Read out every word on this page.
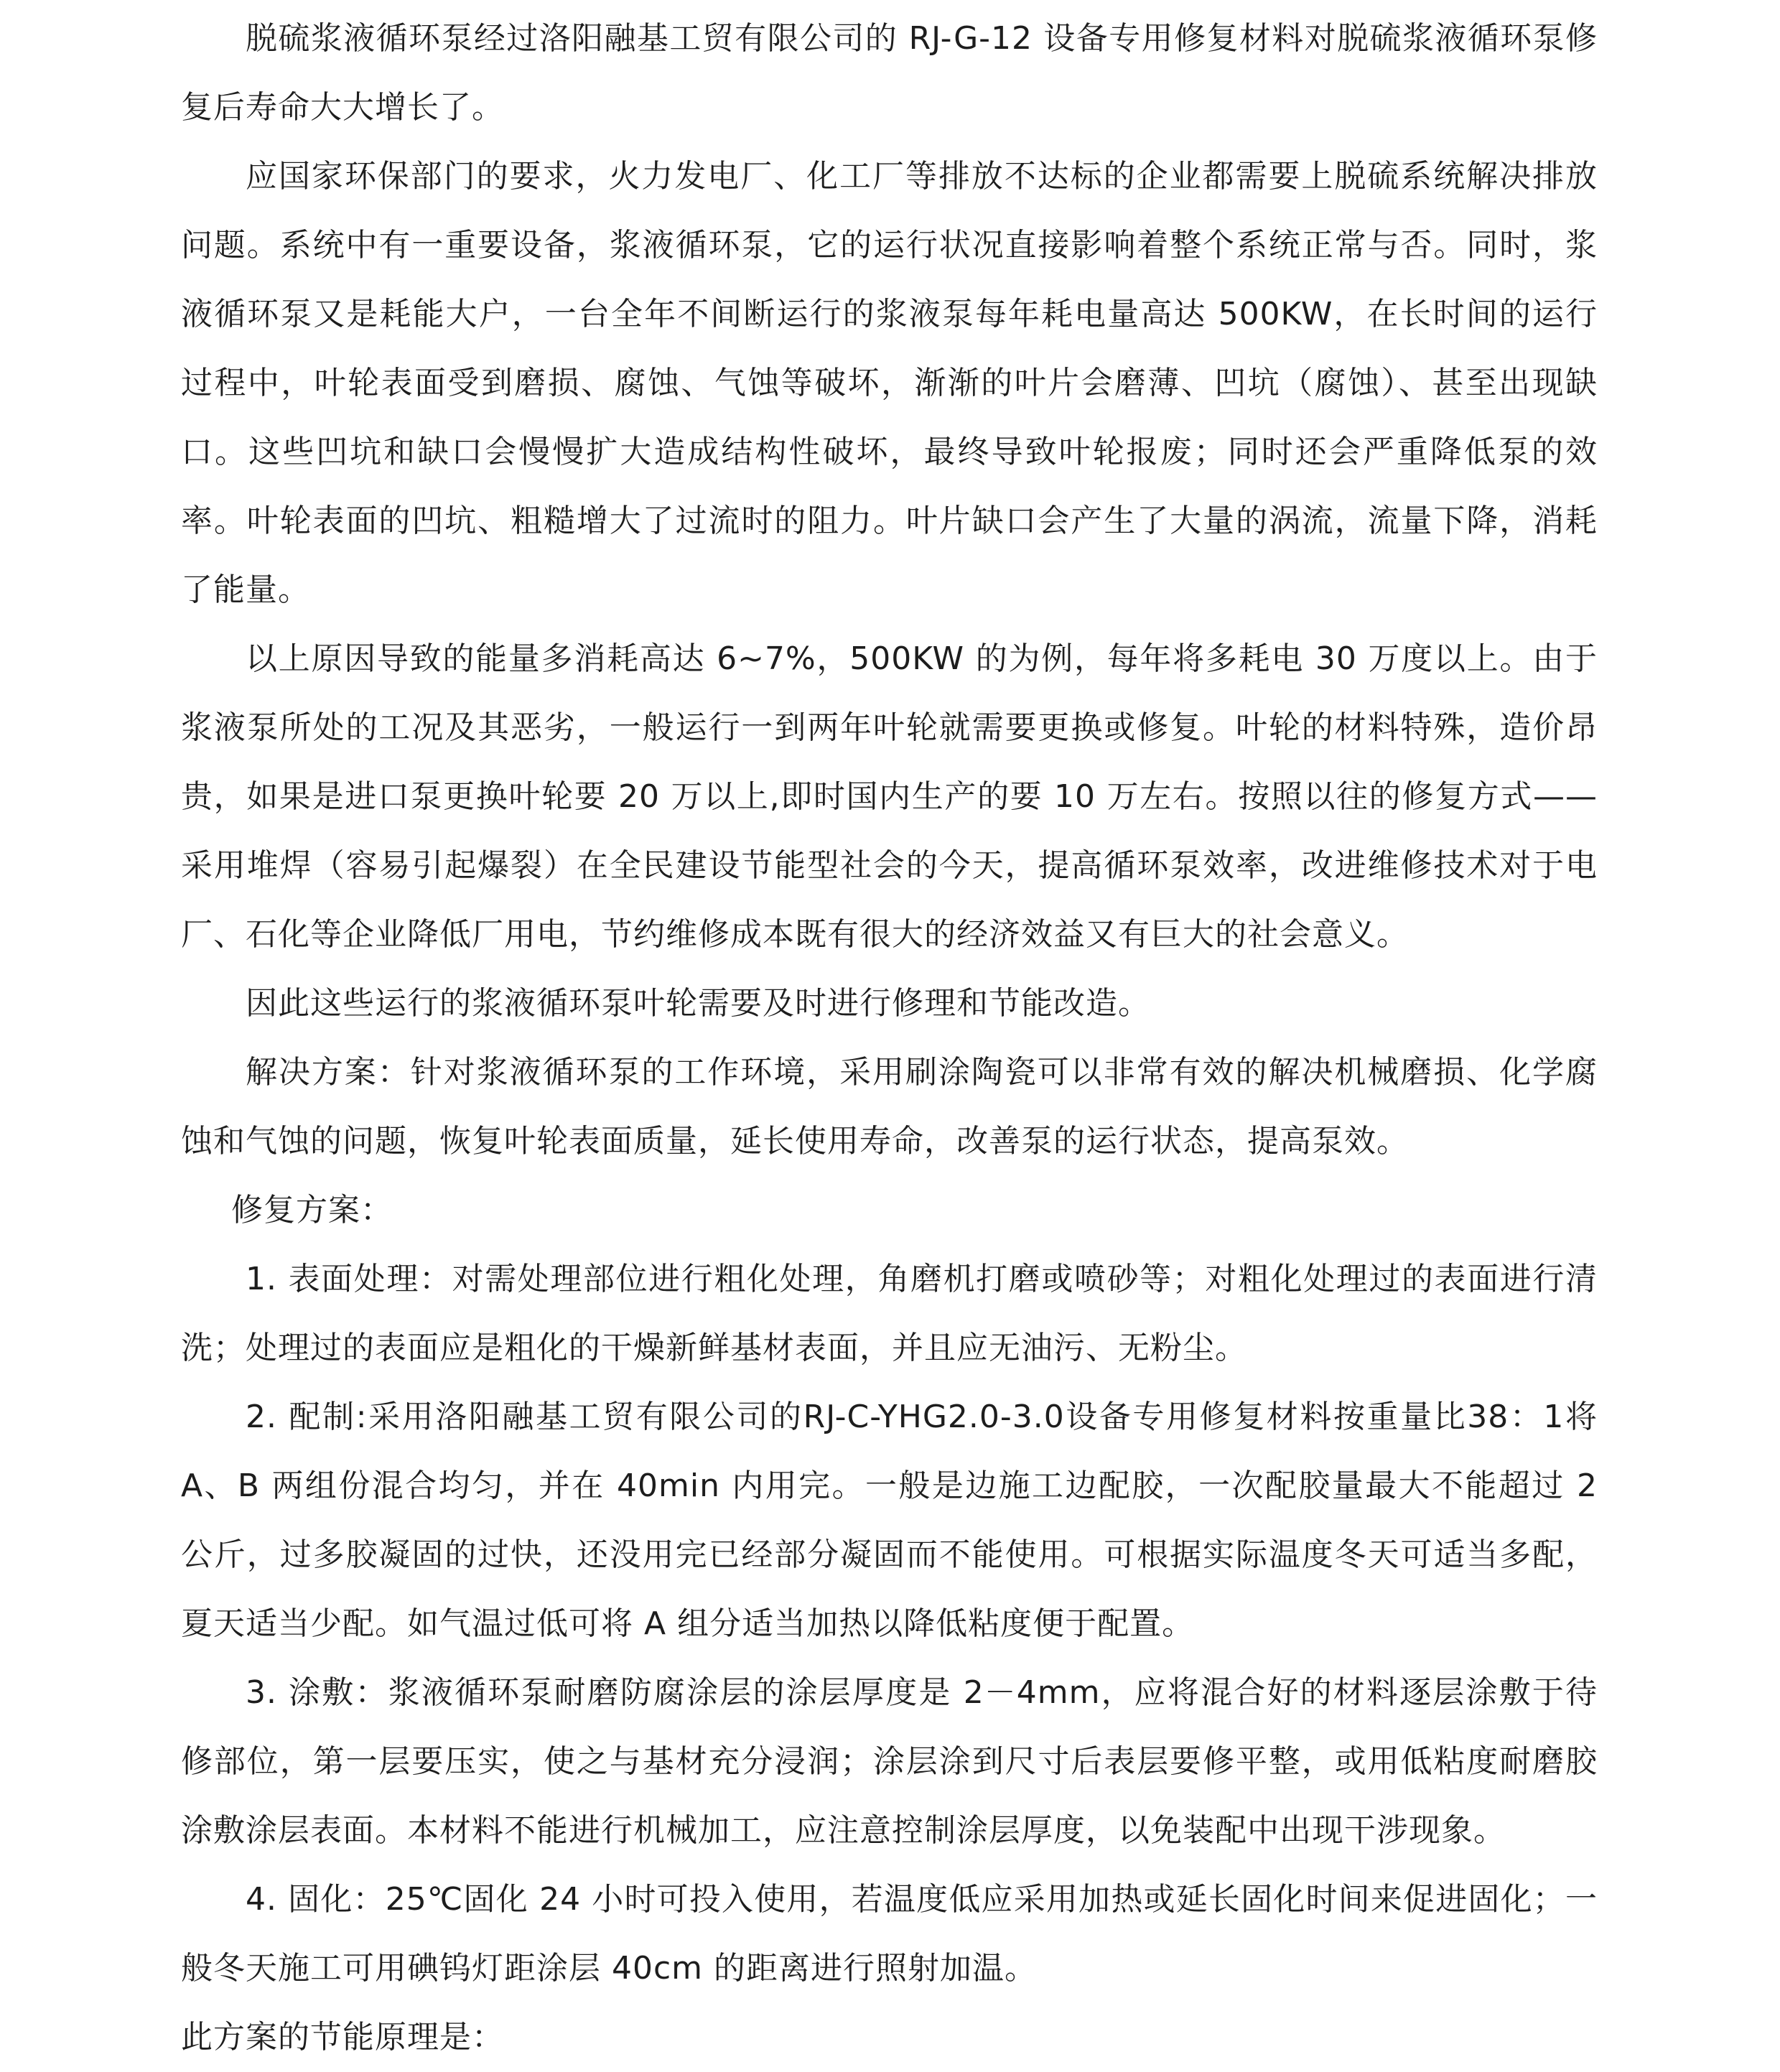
脱硫浆液循环泵经过洛阳融基工贸有限公司的 RJ-G-12 设备专用修复材料对脱硫浆液循环泵修复后寿命大大增长了。

应国家环保部门的要求，火力发电厂、化工厂等排放不达标的企业都需要上脱硫系统解决排放问题。系统中有一重要设备，浆液循环泵，它的运行状况直接影响着整个系统正常与否。同时，浆液循环泵又是耗能大户，一台全年不间断运行的浆液泵每年耗电量高达 500KW，在长时间的运行过程中，叶轮表面受到磨损、腐蚀、气蚀等破坏，渐渐的叶片会磨薄、凹坑（腐蚀）、甚至出现缺口。这些凹坑和缺口会慢慢扩大造成结构性破坏，最终导致叶轮报废；同时还会严重降低泵的效率。叶轮表面的凹坑、粗糙增大了过流时的阻力。叶片缺口会产生了大量的涡流，流量下降，消耗了能量。

以上原因导致的能量多消耗高达 6~7%，500KW 的为例，每年将多耗电 30 万度以上。由于浆液泵所处的工况及其恶劣，一般运行一到两年叶轮就需要更换或修复。叶轮的材料特殊，造价昂贵，如果是进口泵更换叶轮要 20 万以上,即时国内生产的要 10 万左右。按照以往的修复方式——采用堆焊（容易引起爆裂）在全民建设节能型社会的今天，提高循环泵效率，改进维修技术对于电厂、石化等企业降低厂用电，节约维修成本既有很大的经济效益又有巨大的社会意义。

因此这些运行的浆液循环泵叶轮需要及时进行修理和节能改造。

解决方案：针对浆液循环泵的工作环境，采用刷涂陶瓷可以非常有效的解决机械磨损、化学腐蚀和气蚀的问题，恢复叶轮表面质量，延长使用寿命，改善泵的运行状态，提高泵效。

修复方案：

1. 表面处理：对需处理部位进行粗化处理，角磨机打磨或喷砂等；对粗化处理过的表面进行清洗；处理过的表面应是粗化的干燥新鲜基材表面，并且应无油污、无粉尘。

2. 配制:采用洛阳融基工贸有限公司的RJ-C-YHG2.0-3.0设备专用修复材料按重量比38：1将A、B 两组份混合均匀，并在 40min 内用完。一般是边施工边配胶，一次配胶量最大不能超过 2 公斤，过多胶凝固的过快，还没用完已经部分凝固而不能使用。可根据实际温度冬天可适当多配，夏天适当少配。如气温过低可将 A 组分适当加热以降低粘度便于配置。

3. 涂敷：浆液循环泵耐磨防腐涂层的涂层厚度是 2－4mm，应将混合好的材料逐层涂敷于待修部位，第一层要压实，使之与基材充分浸润；涂层涂到尺寸后表层要修平整，或用低粘度耐磨胶涂敷涂层表面。本材料不能进行机械加工，应注意控制涂层厚度，以免装配中出现干涉现象。

4. 固化：25℃固化 24 小时可投入使用，若温度低应采用加热或延长固化时间来促进固化；一般冬天施工可用碘钨灯距涂层 40cm 的距离进行照射加温。

此方案的节能原理是：
